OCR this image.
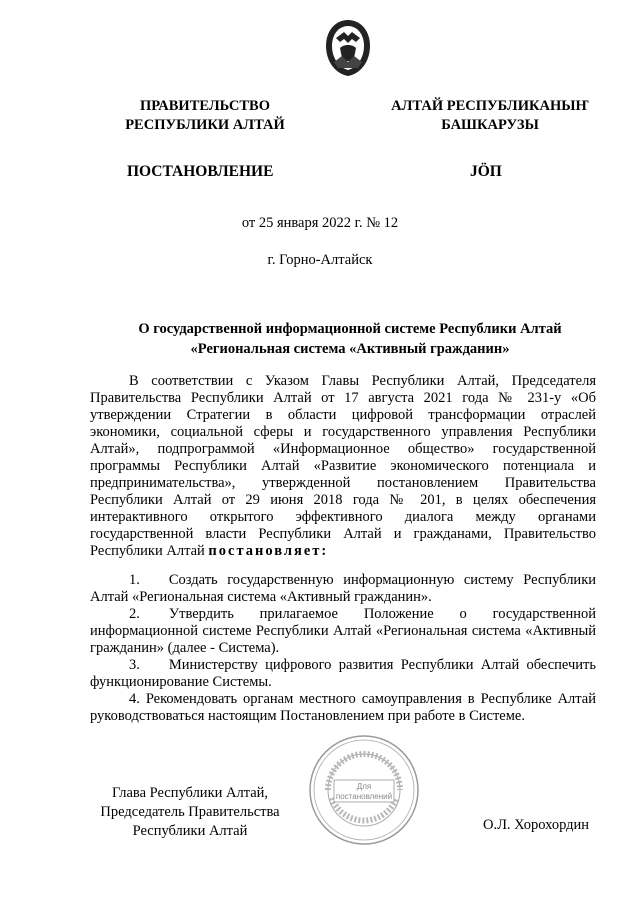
ПРАВИТЕЛЬСТВО
РЕСПУБЛИКИ АЛТАЙ
АЛТАЙ РЕСПУБЛИКАНЫҤ
БАШКАРУЗЫ
ПОСТАНОВЛЕНИЕ	JÖП
от 25 января 2022 г. № 12
г. Горно-Алтайск
О государственной информационной системе Республики Алтай
«Региональная система «Активный гражданин»
В соответствии с Указом Главы Республики Алтай, Председателя Правительства Республики Алтай от 17 августа 2021 года № 231-у «Об утверждении Стратегии в области цифровой трансформации отраслей экономики, социальной сферы и государственного управления Республики Алтай», подпрограммой «Информационное общество» государственной программы Республики Алтай «Развитие экономического потенциала и предпринимательства», утвержденной постановлением Правительства Республики Алтай от 29 июня 2018 года № 201, в целях обеспечения интерактивного открытого эффективного диалога между органами государственной власти Республики Алтай и гражданами, Правительство Республики Алтай постановляет:

1.  Создать государственную информационную систему Республики Алтай «Региональная система «Активный гражданин».

2.  Утвердить прилагаемое Положение о государственной информационной системе Республики Алтай «Региональная система «Активный гражданин» (далее - Система).

3.  Министерству цифрового развития Республики Алтай обеспечить функционирование Системы.

4. Рекомендовать органам местного самоуправления в Республике Алтай руководствоваться настоящим Постановлением при работе в Системе.

Глава Республики Алтай,
Председатель Правительства
Республики Алтай	О.Л. Хорохордин
Для
постановлений
